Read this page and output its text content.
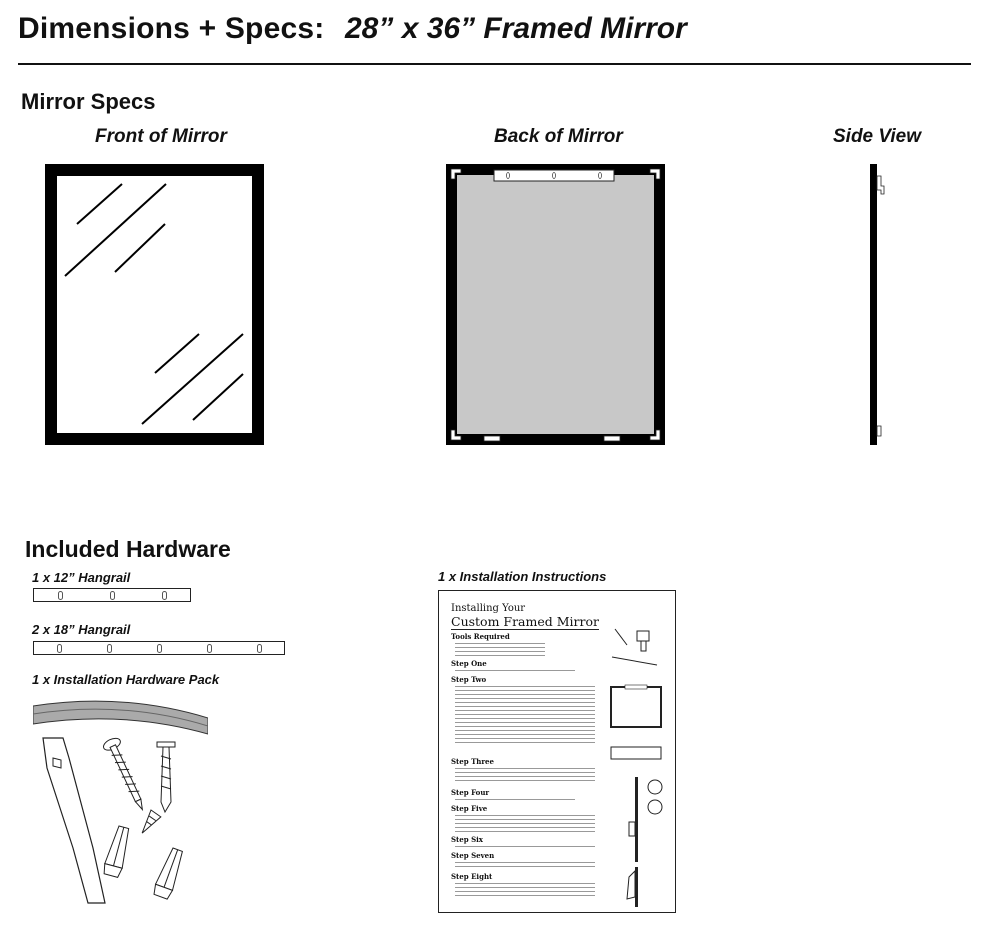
Dimensions + Specs: 28” x 36” Framed Mirror
Mirror Specs
Front of Mirror	Back of Mirror	Side View
Included Hardware
1 x 12” Hangrail
2 x 18” Hangrail
1 x Installation Hardware Pack
1 x Installation Instructions
Installing Your
Custom Framed Mirror
Tools Required
Step One
Step Two
Step Three
Step Four
Step Five
Step Six
Step Seven
Step Eight
